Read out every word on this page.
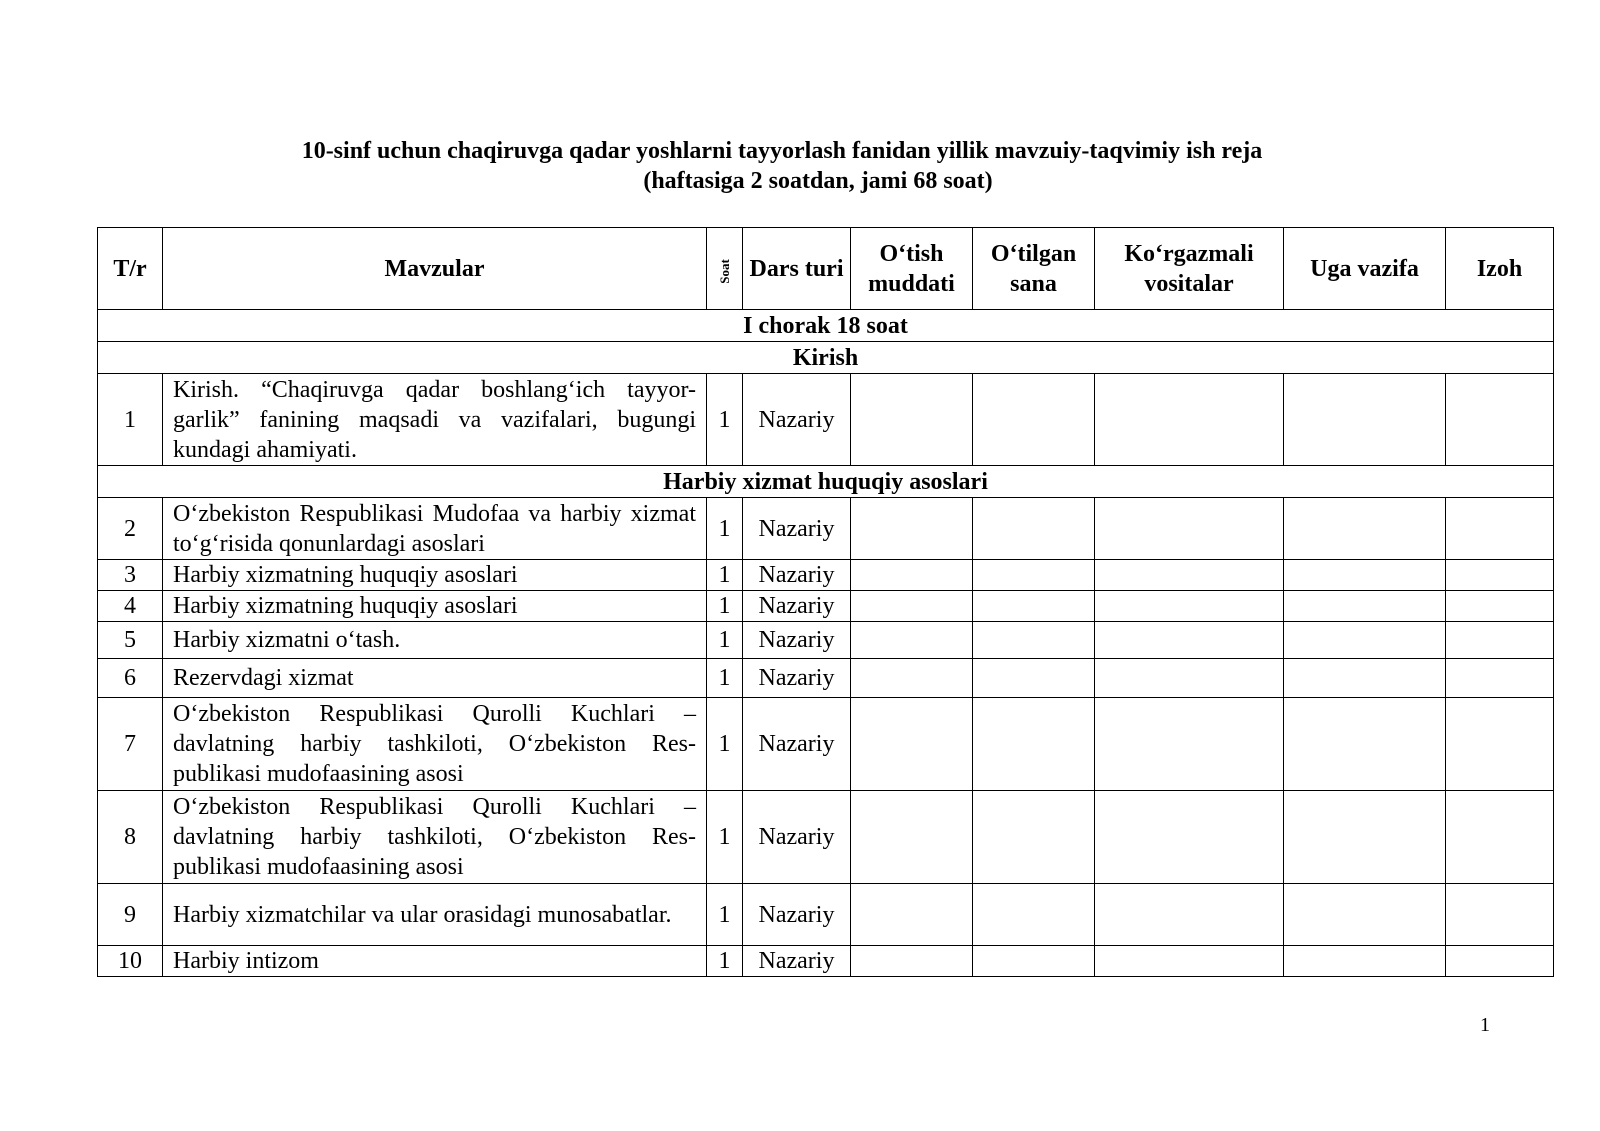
10-sinf uchun chaqiruvga qadar yoshlarni tayyorlash fanidan yillik mavzuiy-taqvimiy ish reja
(haftasiga 2 soatdan, jami 68 soat)
T/r	Mavzular	Soat	Dars turi	O‘tish muddati	O‘tilgan sana	Ko‘rgazmali vositalar	Uga vazifa	Izoh
I chorak 18 soat								
Kirish								
1	Kirish. “Chaqiruvga qadar boshlang‘ich tayyor-garlik” fanining maqsadi va vazifalari, bugungi kundagi ahamiyati.	1	Nazariy					
Harbiy xizmat huquqiy asoslari								
2	O‘zbekiston Respublikasi Mudofaa va harbiy xizmat to‘g‘risida qonunlardagi asoslari	1	Nazariy					
3	Harbiy xizmatning huquqiy asoslari	1	Nazariy					
4	Harbiy xizmatning huquqiy asoslari	1	Nazariy					
5	Harbiy xizmatni o‘tash.	1	Nazariy					
6	Rezervdagi xizmat	1	Nazariy					
7	O‘zbekiston Respublikasi Qurolli Kuchlari – davlatning harbiy tashkiloti, O‘zbekiston Res-publikasi mudofaasining asosi	1	Nazariy					
8	O‘zbekiston Respublikasi Qurolli Kuchlari – davlatning harbiy tashkiloti, O‘zbekiston Res-publikasi mudofaasining asosi	1	Nazariy					
9	Harbiy xizmatchilar va ular orasidagi munosabatlar.	1	Nazariy					
10	Harbiy intizom	1	Nazariy					
1
